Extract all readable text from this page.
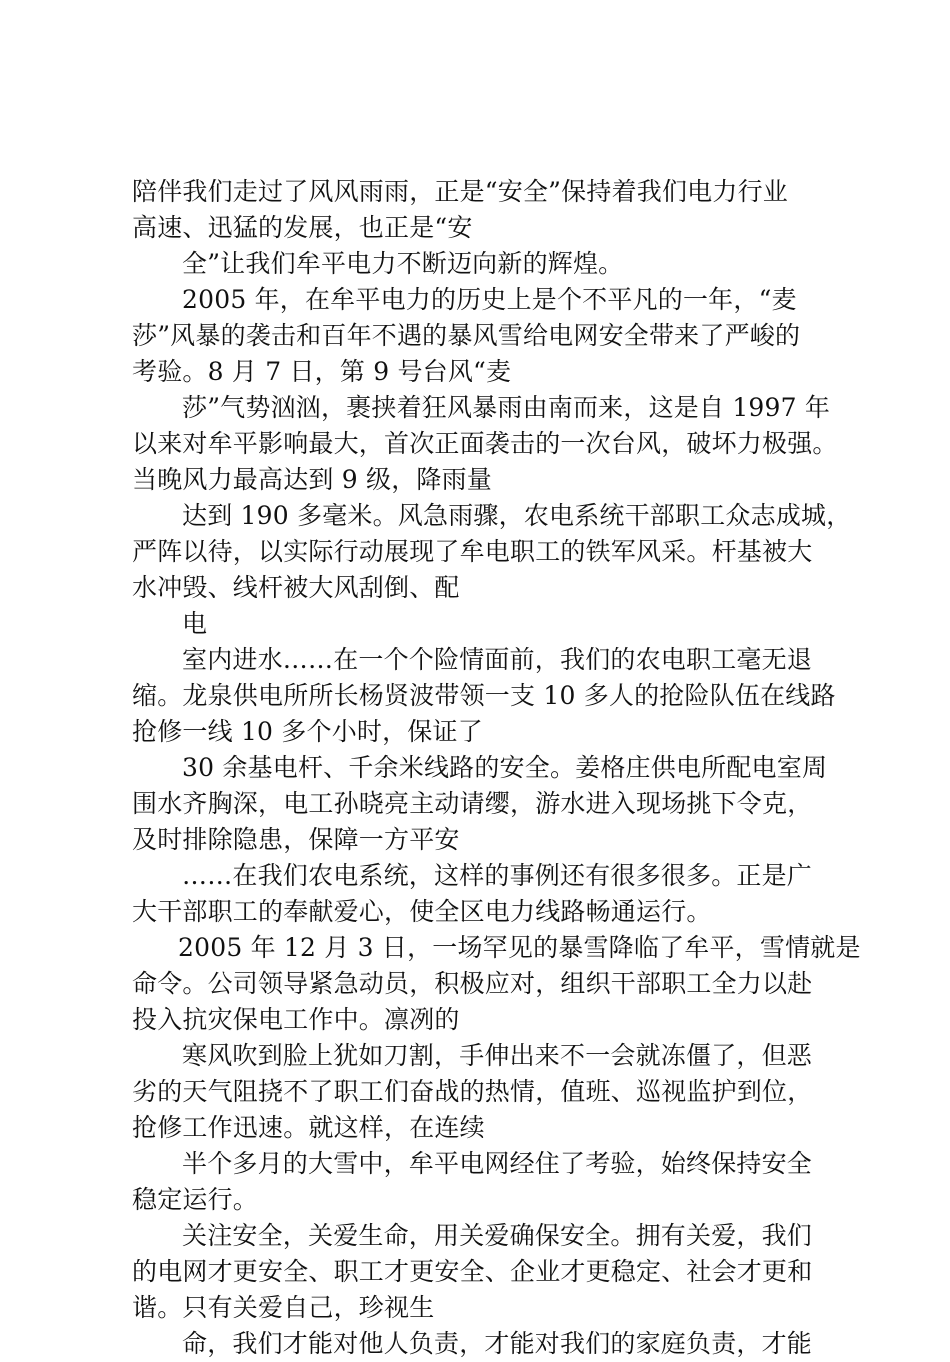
陪伴我们走过了风风雨雨，正是“安全”保持着我们电力行业
高速、迅猛的发展，也正是“安
全”让我们牟平电力不断迈向新的辉煌。
2005 年，在牟平电力的历史上是个不平凡的一年，“麦
莎”风暴的袭击和百年不遇的暴风雪给电网安全带来了严峻的
考验。8 月 7 日，第 9 号台风“麦
莎”气势汹汹，裹挟着狂风暴雨由南而来，这是自 1997 年
以来对牟平影响最大，首次正面袭击的一次台风，破坏力极强。
当晚风力最高达到 9 级，降雨量
达到 190 多毫米。风急雨骤，农电系统干部职工众志成城，
严阵以待，以实际行动展现了牟电职工的铁军风采。杆基被大
水冲毁、线杆被大风刮倒、配
电
室内进水……在一个个险情面前，我们的农电职工毫无退
缩。龙泉供电所所长杨贤波带领一支 10 多人的抢险队伍在线路
抢修一线 10 多个小时，保证了
30 余基电杆、千余米线路的安全。姜格庄供电所配电室周
围水齐胸深，电工孙晓亮主动请缨，游水进入现场挑下令克，
及时排除隐患，保障一方平安
……在我们农电系统，这样的事例还有很多很多。正是广
大干部职工的奉献爱心，使全区电力线路畅通运行。
2005 年 12 月 3 日，一场罕见的暴雪降临了牟平，雪情就是
命令。公司领导紧急动员，积极应对，组织干部职工全力以赴
投入抗灾保电工作中。凛冽的
寒风吹到脸上犹如刀割，手伸出来不一会就冻僵了，但恶
劣的天气阻挠不了职工们奋战的热情，值班、巡视监护到位，
抢修工作迅速。就这样，在连续
半个多月的大雪中，牟平电网经住了考验，始终保持安全
稳定运行。
关注安全，关爱生命，用关爱确保安全。拥有关爱，我们
的电网才更安全、职工才更安全、企业才更稳定、社会才更和
谐。只有关爱自己，珍视生
命，我们才能对他人负责，才能对我们的家庭负责，才能
